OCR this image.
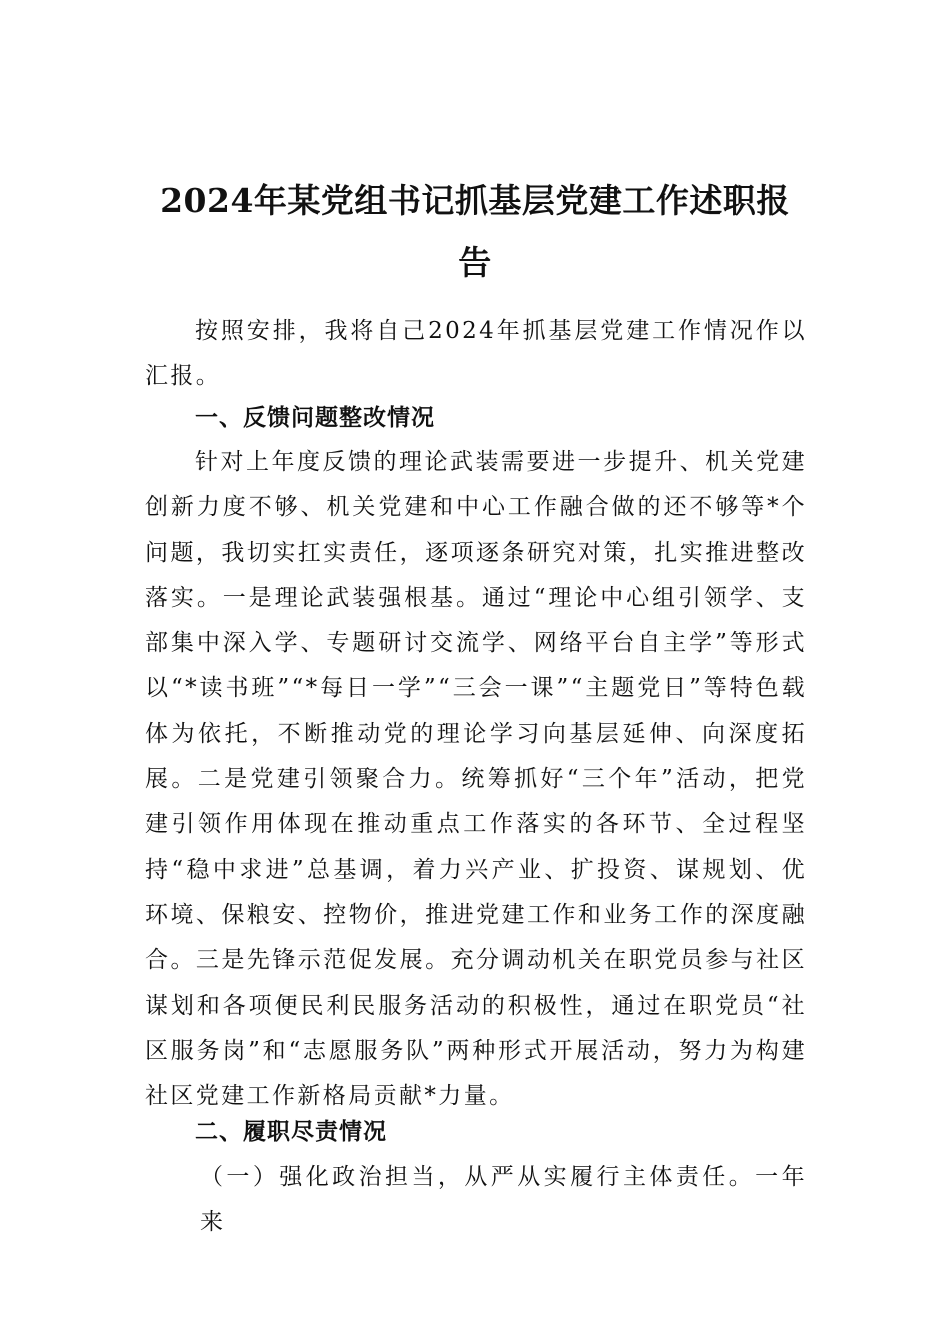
2024年某党组书记抓基层党建工作述职报告

按照安排，我将自己2024年抓基层党建工作情况作以汇报。

一、反馈问题整改情况

针对上年度反馈的理论武装需要进一步提升、机关党建创新力度不够、机关党建和中心工作融合做的还不够等*个问题，我切实扛实责任，逐项逐条研究对策，扎实推进整改落实。一是理论武装强根基。通过“理论中心组引领学、支部集中深入学、专题研讨交流学、网络平台自主学”等形式以“*读书班”“*每日一学”“三会一课”“主题党日”等特色载体为依托，不断推动党的理论学习向基层延伸、向深度拓展。二是党建引领聚合力。统筹抓好“三个年”活动，把党建引领作用体现在推动重点工作落实的各环节、全过程坚持“稳中求进”总基调，着力兴产业、扩投资、谋规划、优环境、保粮安、控物价，推进党建工作和业务工作的深度融合。三是先锋示范促发展。充分调动机关在职党员参与社区谋划和各项便民利民服务活动的积极性，通过在职党员“社区服务岗”和“志愿服务队”两种形式开展活动，努力为构建社区党建工作新格局贡献*力量。

二、履职尽责情况

（一）强化政治担当，从严从实履行主体责任。一年来
